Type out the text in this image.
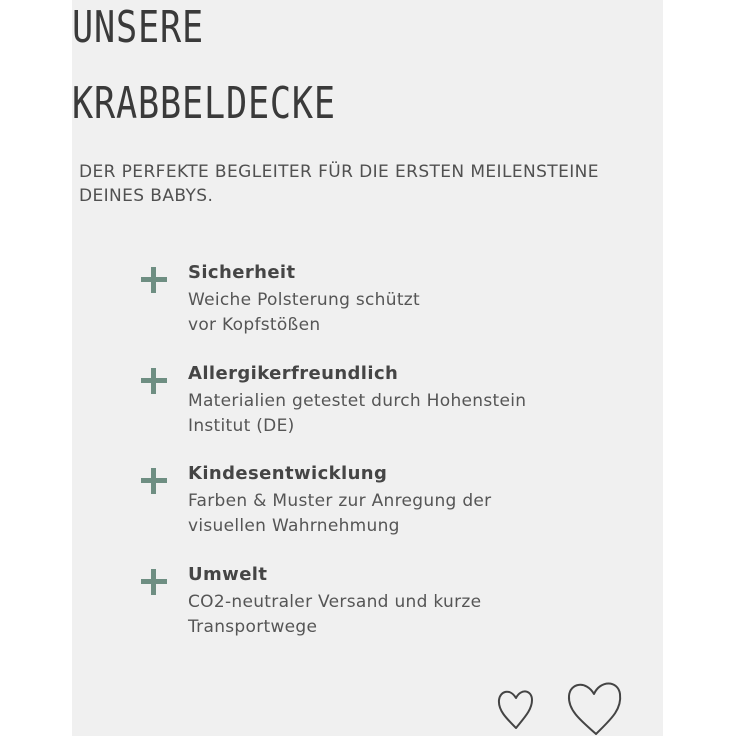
UNSERE
KRABBELDECKE

DER PERFEKTE BEGLEITER FÜR DIE ERSTEN MEILENSTEINE
DEINES BABYS.

Sicherheit
Weiche Polsterung schützt
vor Kopfstößen
Allergikerfreundlich
Materialien getestet durch Hohenstein
Institut (DE)
Kindesentwicklung
Farben & Muster zur Anregung der
visuellen Wahrnehmung
Umwelt
CO2-neutraler Versand und kurze
Transportwege
